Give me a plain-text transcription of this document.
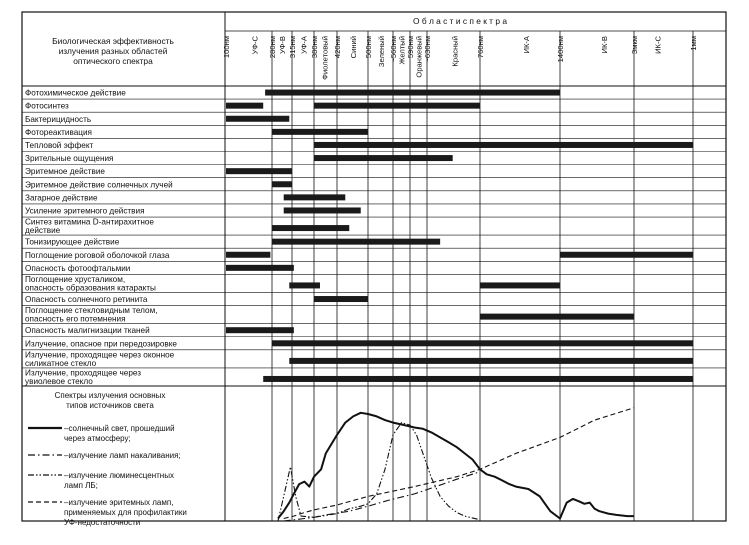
Биологическая эффективность
излучения разных областей
оптического спектра
О б л а с т и с п е к т р а
100нм	УФ-С 280нм УФ-В 315нм УФ-А 380нм Фиолетовый 420нм Синий 500нм Зеленый ~560нм Желтый 590нм Оранжевый ~630нм Красный 760нм	ИК-А	1400нм	ИК-В	3мкм ИК-С	1мм
Фотохимическое действие
Фотосинтез
Бактерицидность
Фотореактивация
Тепловой эффект
Зрительные ощущения
Эритемное действие
Эритемное действие солнечных лучей
Загарное действие
Усиление эритемного действия
Синтез витамина D-антирахитное
действие
Тонизирующее действие
Поглощение роговой оболочкой глаза
Опасность фотоофтальмии
Поглощение хрусталиком,
опасность образования катаракты
Опасность солнечного ретинита
Поглощение стекловидным телом,
опасность его потемнения
Опасность малигнизации тканей
Излучение, опасное при передозировке
Излучение, проходящее через оконное
силикатное стекло
Излучение, проходящее через
увиолевое стекло
Спектры излучения основных
типов источников света
–солнечный свет, прошедший
через атмосферу;
–излучение ламп накаливания;
–излучение люминесцентных
ламп ЛБ;
–излучение эритемных ламп,
применяемых для профилактики
УФ-недостаточности
